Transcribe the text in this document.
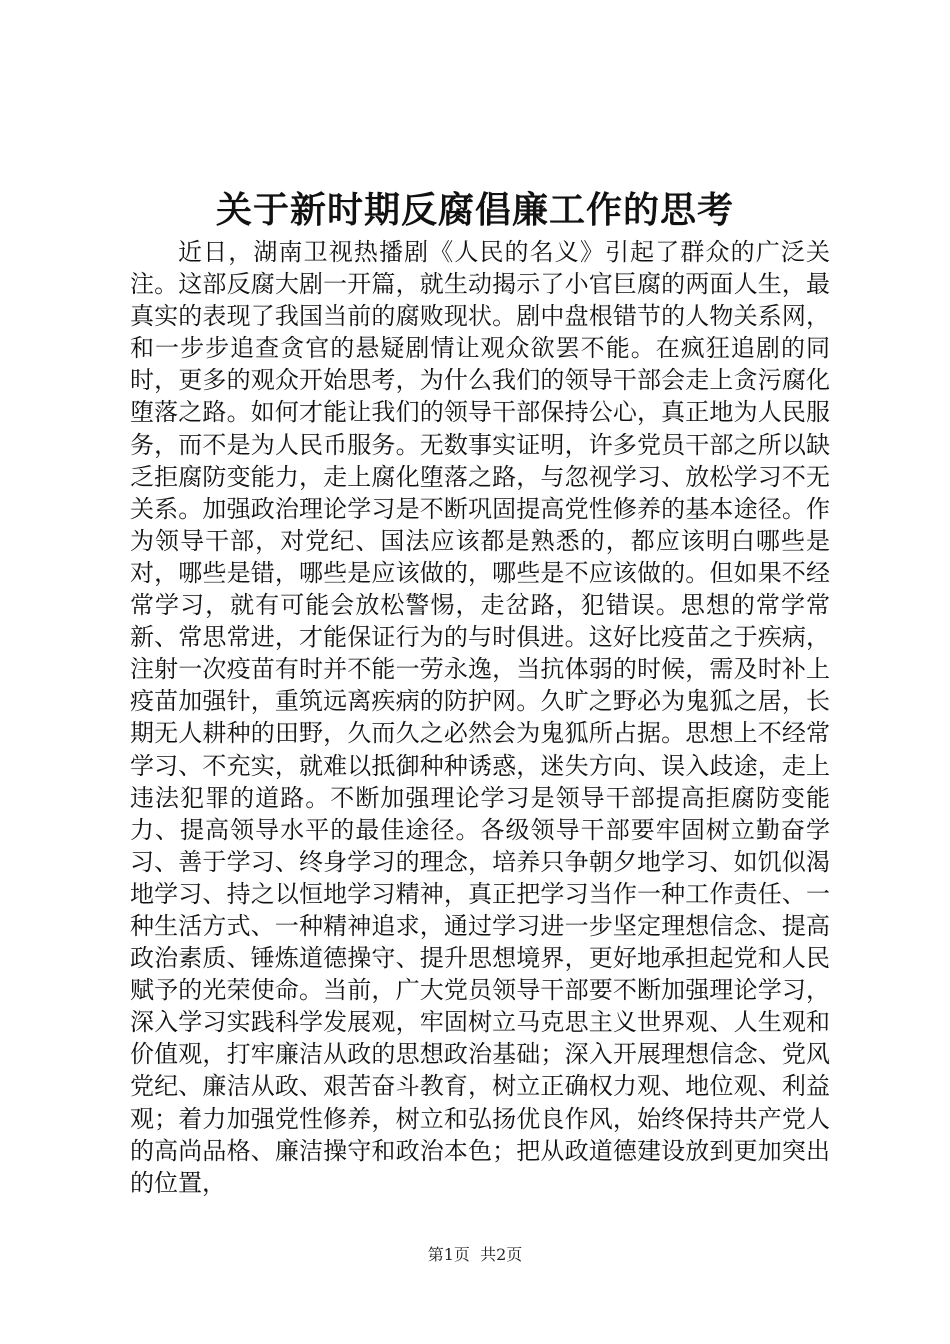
关于新时期反腐倡廉工作的思考

近日，湖南卫视热播剧《人民的名义》引起了群众的广泛关注。这部反腐大剧一开篇，就生动揭示了小官巨腐的两面人生，最真实的表现了我国当前的腐败现状。剧中盘根错节的人物关系网，和一步步追查贪官的悬疑剧情让观众欲罢不能。在疯狂追剧的同时，更多的观众开始思考，为什么我们的领导干部会走上贪污腐化堕落之路。如何才能让我们的领导干部保持公心，真正地为人民服务，而不是为人民币服务。无数事实证明，许多党员干部之所以缺乏拒腐防变能力，走上腐化堕落之路，与忽视学习、放松学习不无关系。加强政治理论学习是不断巩固提高党性修养的基本途径。作为领导干部，对党纪、国法应该都是熟悉的，都应该明白哪些是对，哪些是错，哪些是应该做的，哪些是不应该做的。但如果不经常学习，就有可能会放松警惕，走岔路，犯错误。思想的常学常新、常思常进，才能保证行为的与时俱进。这好比疫苗之于疾病，注射一次疫苗有时并不能一劳永逸，当抗体弱的时候，需及时补上疫苗加强针，重筑远离疾病的防护网。久旷之野必为鬼狐之居，长期无人耕种的田野，久而久之必然会为鬼狐所占据。思想上不经常学习、不充实，就难以抵御种种诱惑，迷失方向、误入歧途，走上违法犯罪的道路。不断加强理论学习是领导干部提高拒腐防变能力、提高领导水平的最佳途径。各级领导干部要牢固树立勤奋学习、善于学习、终身学习的理念，培养只争朝夕地学习、如饥似渴地学习、持之以恒地学习精神，真正把学习当作一种工作责任、一种生活方式、一种精神追求，通过学习进一步坚定理想信念、提高政治素质、锤炼道德操守、提升思想境界，更好地承担起党和人民赋予的光荣使命。当前，广大党员领导干部要不断加强理论学习，深入学习实践科学发展观，牢固树立马克思主义世界观、人生观和价值观，打牢廉洁从政的思想政治基础；深入开展理想信念、党风党纪、廉洁从政、艰苦奋斗教育，树立正确权力观、地位观、利益观；着力加强党性修养，树立和弘扬优良作风，始终保持共产党人的高尚品格、廉洁操守和政治本色；把从政道德建设放到更加突出的位置，

第1页  共2页
